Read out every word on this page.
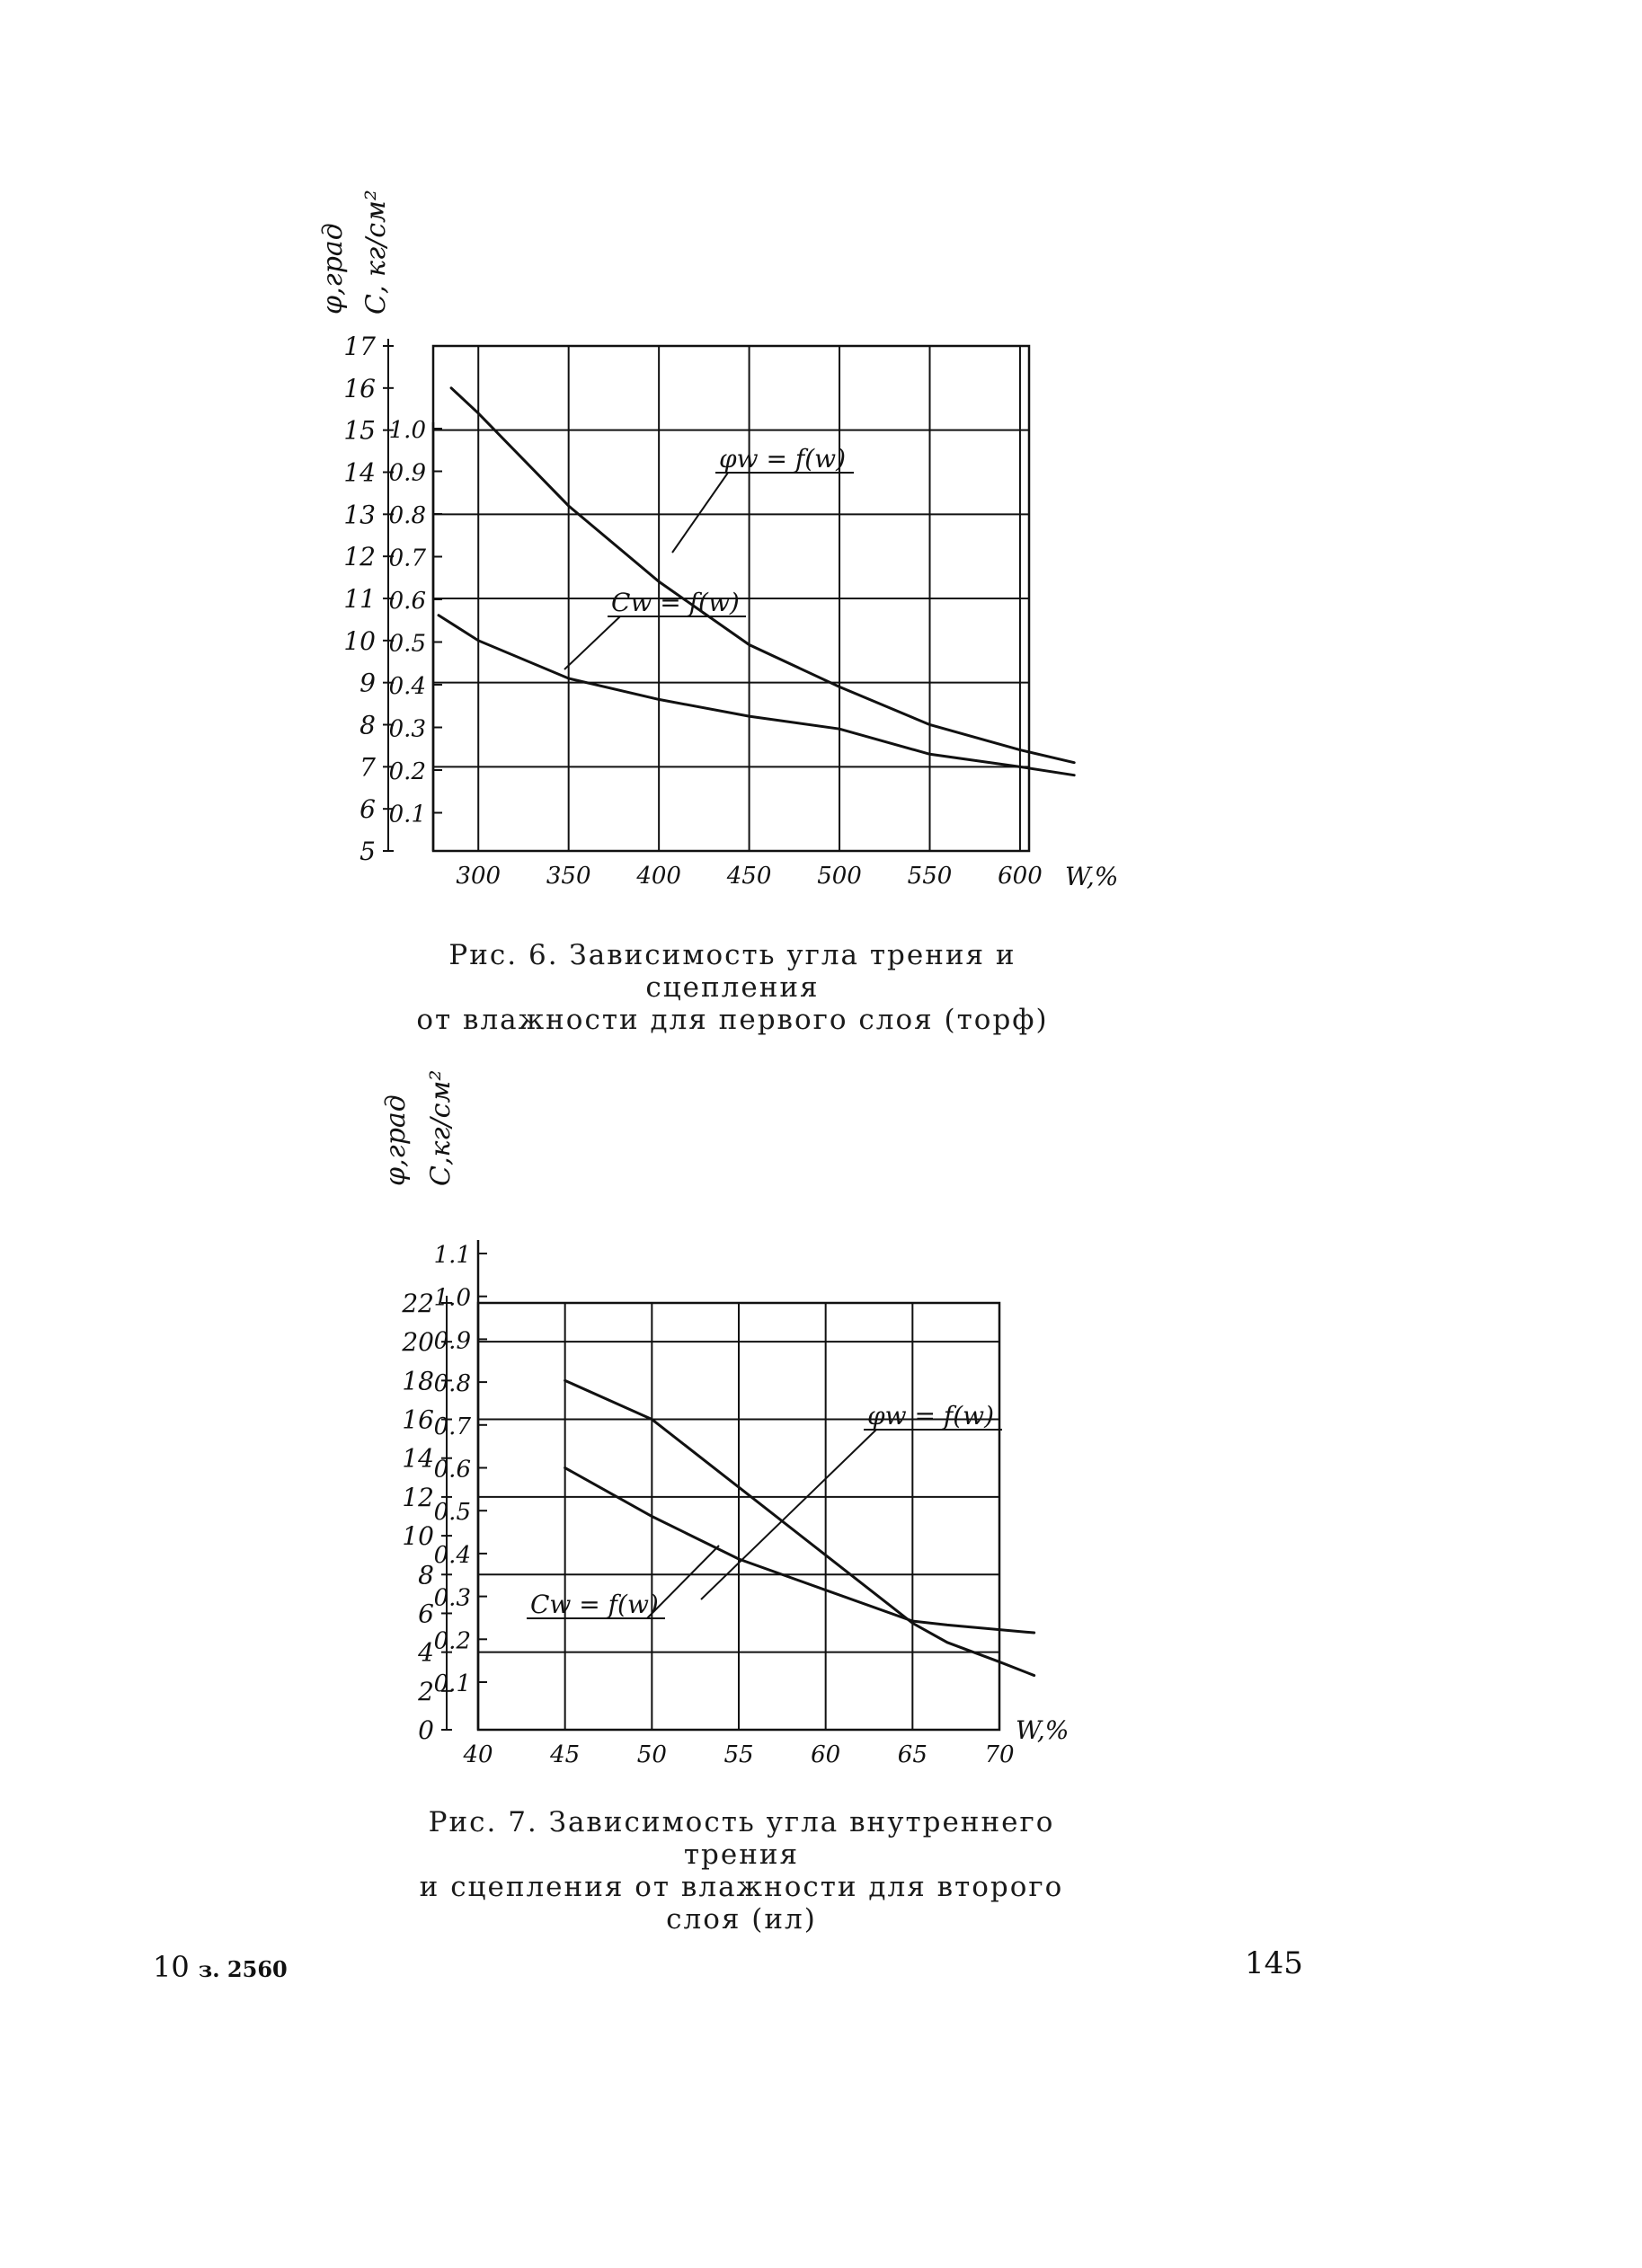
300 350 400 450 500 550 600
17
16
15
14
13
12
11
10
9
8
7
6
5
1.0
0.9
0.8
0.7
0.6
0.5
0.4
0.3
0.2
0.1
φ,град С, кг/см²
W,%
φw = f(w)
Cw = f(w)
Рис. 6. Зависимость угла трения и сцепления
от влажности для первого слоя (торф)
40 45 50 55 60 65 70
22
20
18
16
14
12
10
8
6
4
2
0
1.1
1.0
0.9
0.8
0.7
0.6
0.5
0.4
0.3
0.2
0.1
φ,град С,кг/см²
W,%
φw = f(w)
Cw = f(w)
Рис. 7. Зависимость угла внутреннего трения
и сцепления от влажности для второго
слоя (ил)
10 з. 2560	145
